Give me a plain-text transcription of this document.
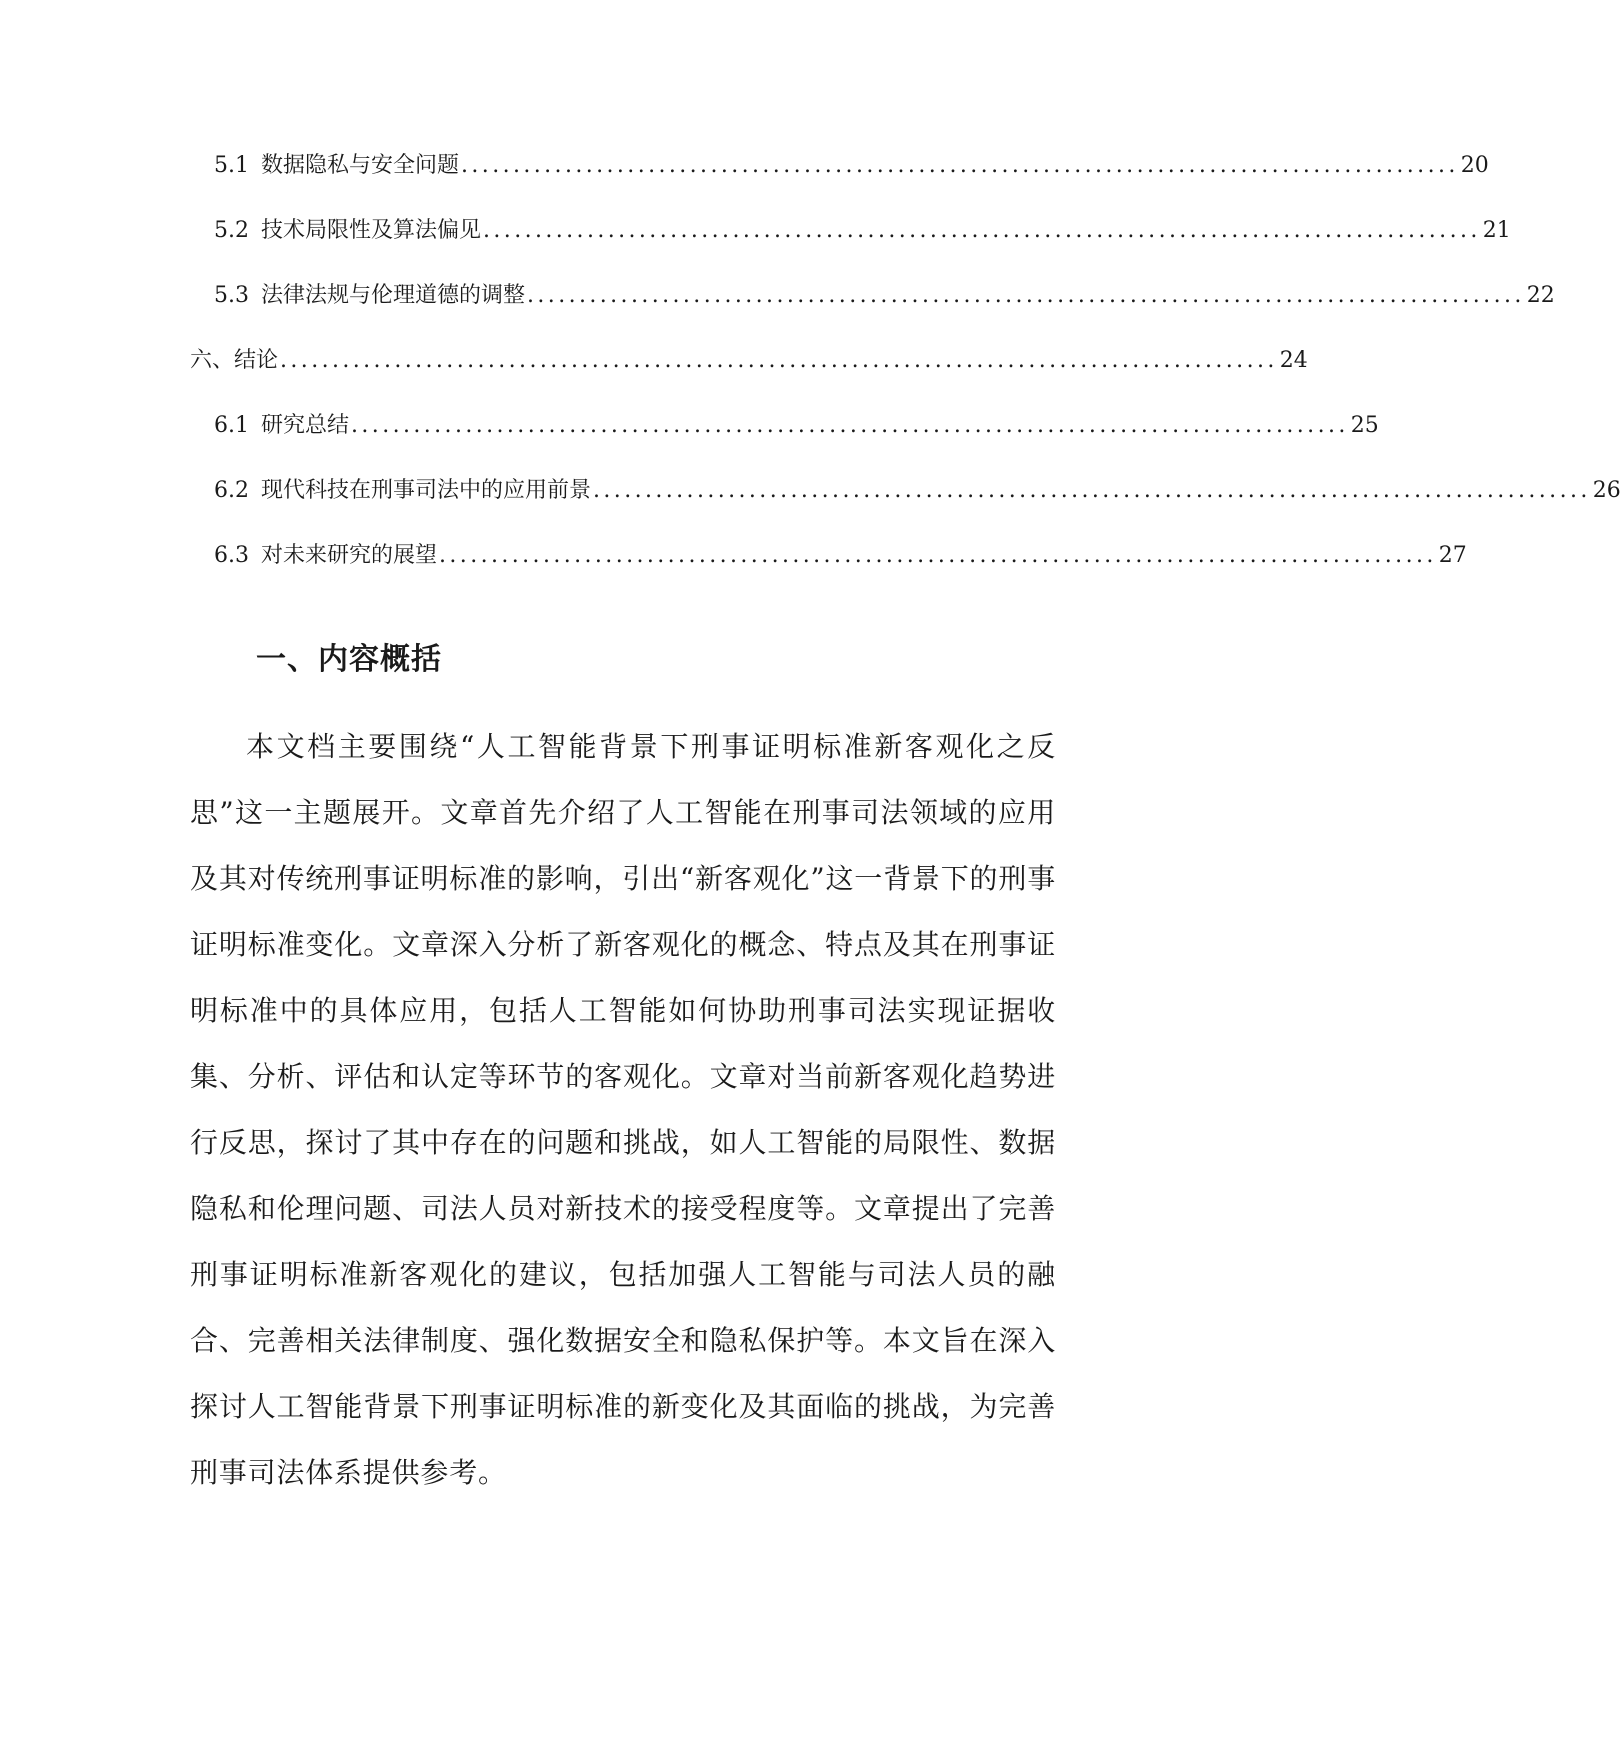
5.1 数据隐私与安全问题 ................................................................................................ 20
5.2 技术局限性及算法偏见 ................................................................................................ 21
5.3 法律法规与伦理道德的调整 ................................................................................................ 22
六、结论 ................................................................................................ 24
6.1 研究总结 ................................................................................................ 25
6.2 现代科技在刑事司法中的应用前景 ................................................................................................ 26
6.3 对未来研究的展望 ................................................................................................ 27
一、内容概括

本文档主要围绕“人工智能背景下刑事证明标准新客观化之反思”这一主题展开。文章首先介绍了人工智能在刑事司法领域的应用及其对传统刑事证明标准的影响，引出“新客观化”这一背景下的刑事证明标准变化。文章深入分析了新客观化的概念、特点及其在刑事证明标准中的具体应用，包括人工智能如何协助刑事司法实现证据收集、分析、评估和认定等环节的客观化。文章对当前新客观化趋势进行反思，探讨了其中存在的问题和挑战，如人工智能的局限性、数据隐私和伦理问题、司法人员对新技术的接受程度等。文章提出了完善刑事证明标准新客观化的建议，包括加强人工智能与司法人员的融合、完善相关法律制度、强化数据安全和隐私保护等。本文旨在深入探讨人工智能背景下刑事证明标准的新变化及其面临的挑战，为完善刑事司法体系提供参考。
